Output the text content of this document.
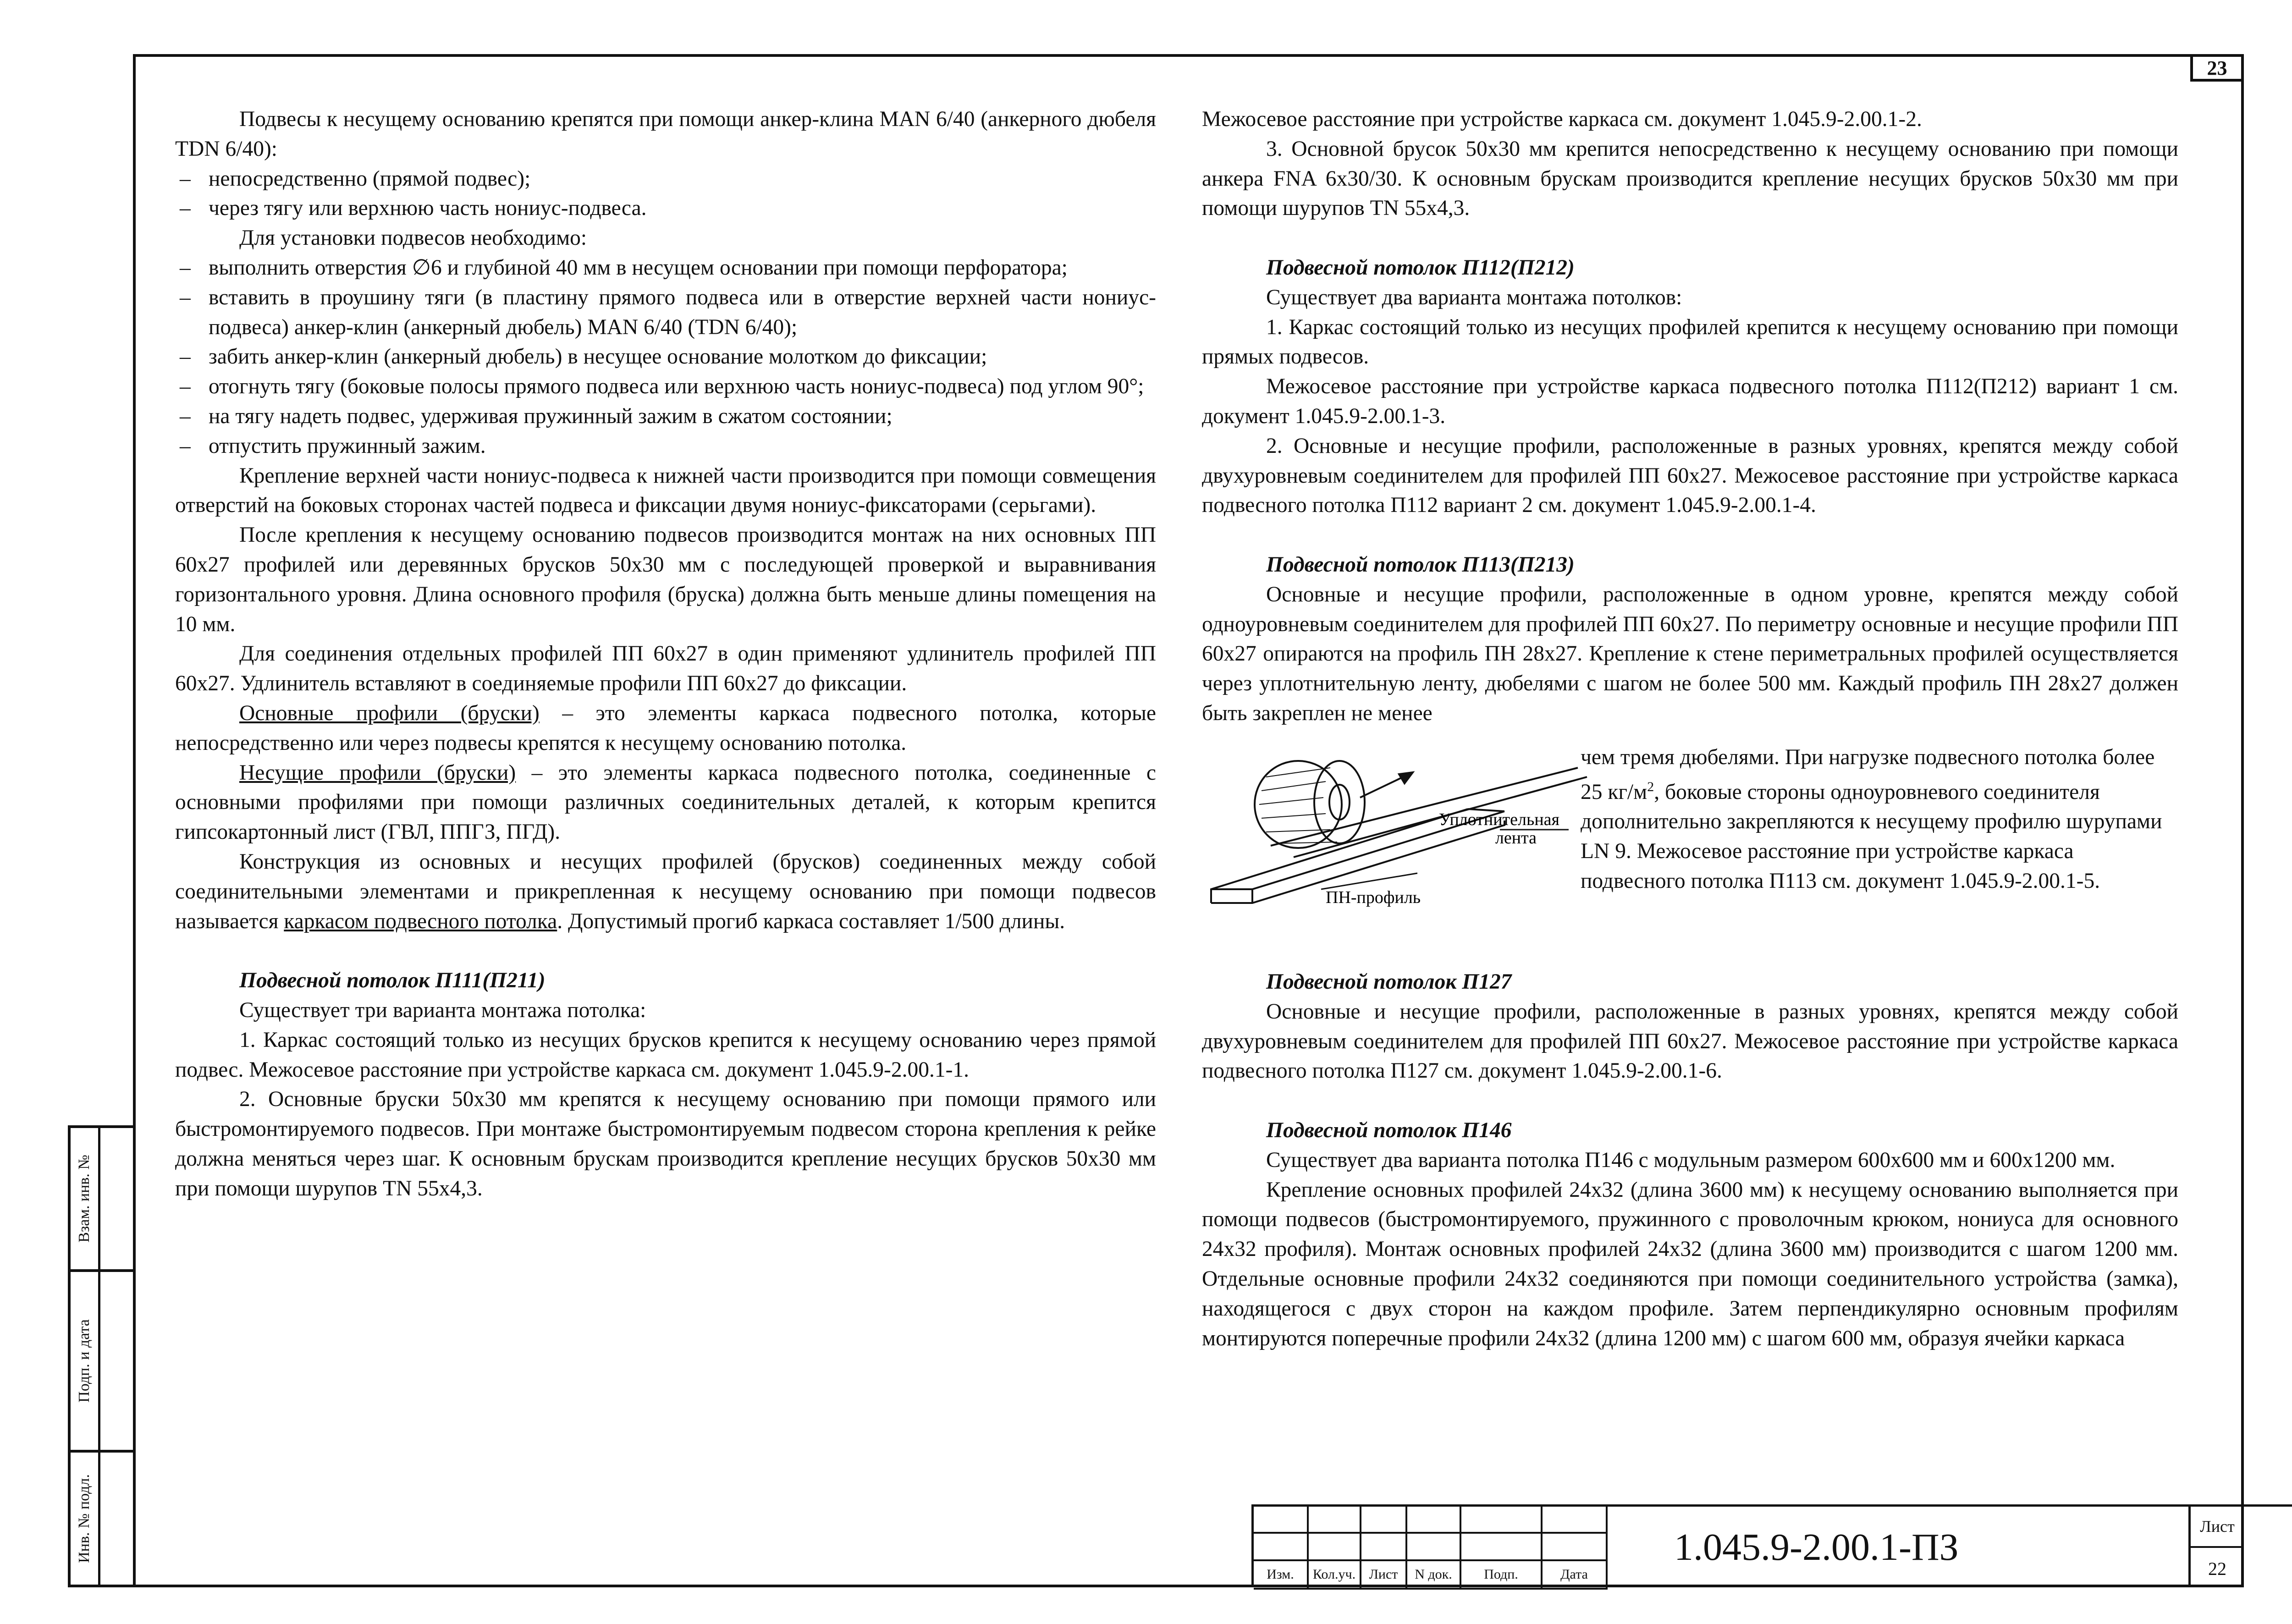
23
Взам. инв. №
Подп. и дата
Инв. № подл.

Подвесы к несущему основанию крепятся при помощи анкер-клина MAN 6/40 (анкерного дюбеля TDN 6/40):

– непосредственно (прямой подвес);

– через тягу или верхнюю часть нониус-подвеса.

Для установки подвесов необходимо:

– выполнить отверстия ∅6 и глубиной 40 мм в несущем основании при помощи перфоратора;

– вставить в проушину тяги (в пластину прямого подвеса или в отверстие верхней части нониус-подвеса) анкер-клин (анкерный дюбель) MAN 6/40 (TDN 6/40);

– забить анкер-клин (анкерный дюбель) в несущее основание молотком до фиксации;

– отогнуть тягу (боковые полосы прямого подвеса или верхнюю часть нониус-подвеса) под углом 90°;

– на тягу надеть подвес, удерживая пружинный зажим в сжатом состоянии;

– отпустить пружинный зажим.

Крепление верхней части нониус-подвеса к нижней части производится при помощи совмещения отверстий на боковых сторонах частей подвеса и фиксации двумя нониус-фиксаторами (серьгами).

После крепления к несущему основанию подвесов производится монтаж на них основных ПП 60х27 профилей или деревянных брусков 50х30 мм с последующей проверкой и выравнивания горизонтального уровня. Длина основного профиля (бруска) должна быть меньше длины помещения на 10 мм.

Для соединения отдельных профилей ПП 60х27 в один применяют удлинитель профилей ПП 60х27. Удлинитель вставляют в соединяемые профили ПП 60х27 до фиксации.

Основные профили (бруски) – это элементы каркаса подвесного потолка, которые непосредственно или через подвесы крепятся к несущему основанию потолка.

Несущие профили (бруски) – это элементы каркаса подвесного потолка, соединенные с основными профилями при помощи различных соединительных деталей, к которым крепится гипсокартонный лист (ГВЛ, ППГЗ, ПГД).

Конструкция из основных и несущих профилей (брусков) соединенных между собой соединительными элементами и прикрепленная к несущему основанию при помощи подвесов называется каркасом подвесного потолка. Допустимый прогиб каркаса составляет 1/500 длины.

Подвесной потолок П111(П211)

Существует три варианта монтажа потолка:

1. Каркас состоящий только из несущих брусков крепится к несущему основанию через прямой подвес. Межосевое расстояние при устройстве каркаса см. документ 1.045.9-2.00.1-1.

2. Основные бруски 50х30 мм крепятся к несущему основанию при помощи прямого или быстромонтируемого подвесов. При монтаже быстромонтируемым подвесом сторона крепления к рейке должна меняться через шаг. К основным брускам производится крепление несущих брусков 50х30 мм при помощи шурупов TN 55х4,3.

Межосевое расстояние при устройстве каркаса см. документ 1.045.9-2.00.1-2.

3. Основной брусок 50х30 мм крепится непосредственно к несущему основанию при помощи анкера FNA 6х30/30. К основным брускам производится крепление несущих брусков 50х30 мм при помощи шурупов TN 55х4,3.

Подвесной потолок П112(П212)

Существует два варианта монтажа потолков:

1. Каркас состоящий только из несущих профилей крепится к несущему основанию при помощи прямых подвесов.

Межосевое расстояние при устройстве каркаса подвесного потолка П112(П212) вариант 1 см. документ 1.045.9-2.00.1-3.

2. Основные и несущие профили, расположенные в разных уровнях, крепятся между собой двухуровневым соединителем для профилей ПП 60х27. Межосевое расстояние при устройстве каркаса подвесного потолка П112 вариант 2 см. документ 1.045.9-2.00.1-4.

Подвесной потолок П113(П213)

Основные и несущие профили, расположенные в одном уровне, крепятся между собой одноуровневым соединителем для профилей ПП 60х27. По периметру основные и несущие профили ПП 60х27 опираются на профиль ПН 28х27. Крепление к стене периметральных профилей осуществляется через уплотнительную ленту, дюбелями с шагом не более 500 мм. Каждый профиль ПН 28х27 должен быть закреплен не менее

Уплотнительная
лента
ПН-профиль

чем тремя дюбелями. При нагрузке подвесного потолка более 25 $кг/м^2$, боковые стороны одноуровневого соединителя дополнительно закрепляются к несущему профилю шурупами LN 9. Межосевое расстояние при устройстве каркаса подвесного потолка П113 см. документ 1.045.9-2.00.1-5.

Подвесной потолок П127

Основные и несущие профили, расположенные в разных уровнях, крепятся между собой двухуровневым соединителем для профилей ПП 60х27. Межосевое расстояние при устройстве каркаса подвесного потолка П127 см. документ 1.045.9-2.00.1-6.

Подвесной потолок П146

Существует два варианта потолка П146 с модульным размером 600х600 мм и 600х1200 мм.

Крепление основных профилей 24х32 (длина 3600 мм) к несущему основанию выполняется при помощи подвесов (быстромонтируемого, пружинного с проволочным крюком, нониуса для основного 24х32 профиля). Монтаж основных профилей 24х32 (длина 3600 мм) производится с шагом 1200 мм. Отдельные основные профили 24х32 соединяются при помощи соединительного устройства (замка), находящегося с двух сторон на каждом профиле. Затем перпендикулярно основным профилям монтируются поперечные профили 24х32 (длина 1200 мм) с шагом 600 мм, образуя ячейки каркаса

Изм.	Кол.уч. Лист	N док.	Подп.	Дата
1.045.9-2.00.1-ПЗ	Лист
22
